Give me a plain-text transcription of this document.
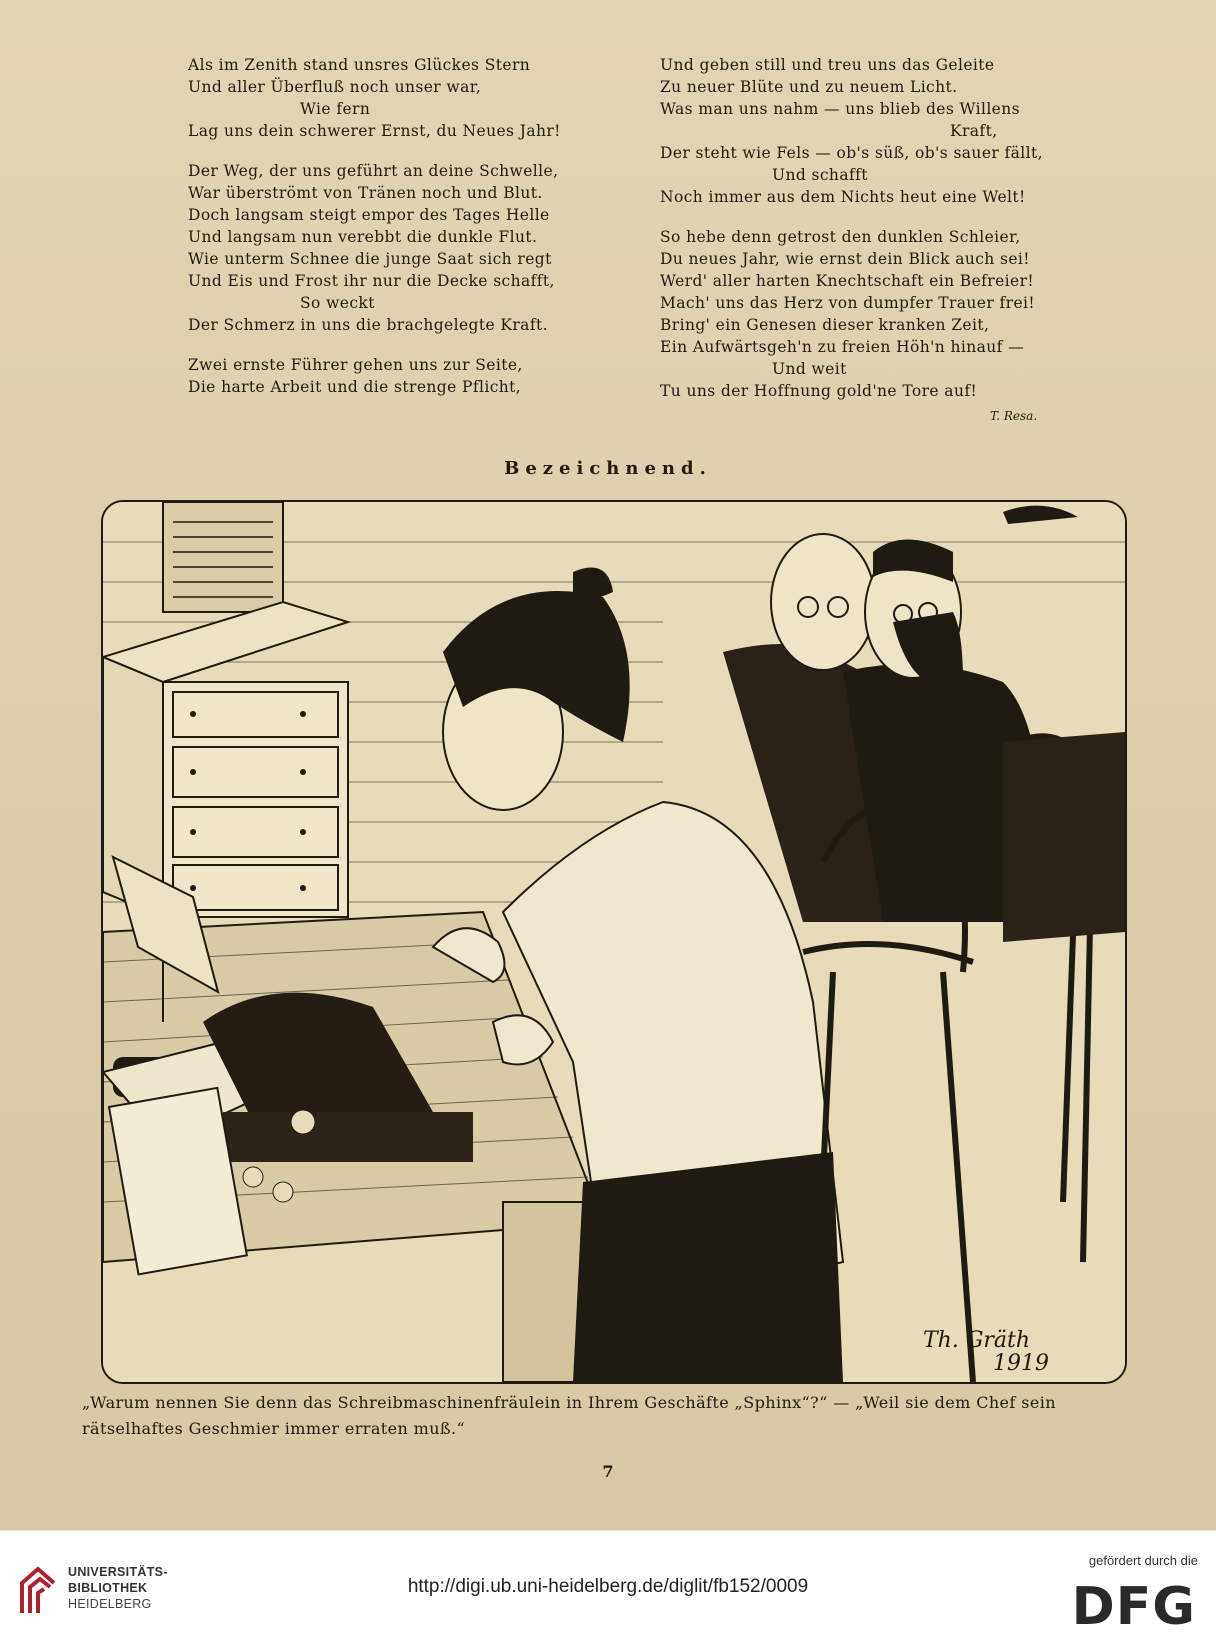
Als im Zenith stand unsres Glückes Stern
Und aller Überfluß noch unser war,
Wie fern
Lag uns dein schwerer Ernst, du Neues Jahr!
Der Weg, der uns geführt an deine Schwelle,
War überströmt von Tränen noch und Blut.
Doch langsam steigt empor des Tages Helle
Und langsam nun verebbt die dunkle Flut.
Wie unterm Schnee die junge Saat sich regt
Und Eis und Frost ihr nur die Decke schafft,
So weckt
Der Schmerz in uns die brachgelegte Kraft.
Zwei ernste Führer gehen uns zur Seite,
Die harte Arbeit und die strenge Pflicht,
Und geben still und treu uns das Geleite
Zu neuer Blüte und zu neuem Licht.
Was man uns nahm — uns blieb des Willens
Kraft,
Der steht wie Fels — ob's süß, ob's sauer fällt,
Und schafft
Noch immer aus dem Nichts heut eine Welt!
So hebe denn getrost den dunklen Schleier,
Du neues Jahr, wie ernst dein Blick auch sei!
Werd' aller harten Knechtschaft ein Befreier!
Mach' uns das Herz von dumpfer Trauer frei!
Bring' ein Genesen dieser kranken Zeit,
Ein Aufwärtsgeh'n zu freien Höh'n hinauf —
Und weit
Tu uns der Hoffnung gold'ne Tore auf!
T. Resa.
Bezeichnend.
Th. Gräth
1919
„Warum nennen Sie denn das Schreibmaschinenfräulein in Ihrem Geschäfte „Sphinx“?“ — „Weil sie dem Chef sein rätselhaftes Geschmier immer erraten muß.“
7
UNIVERSITÄTS-
BIBLIOTHEK
HEIDELBERG
http://digi.ub.uni-heidelberg.de/diglit/fb152/0009
gefördert durch die
DFG
